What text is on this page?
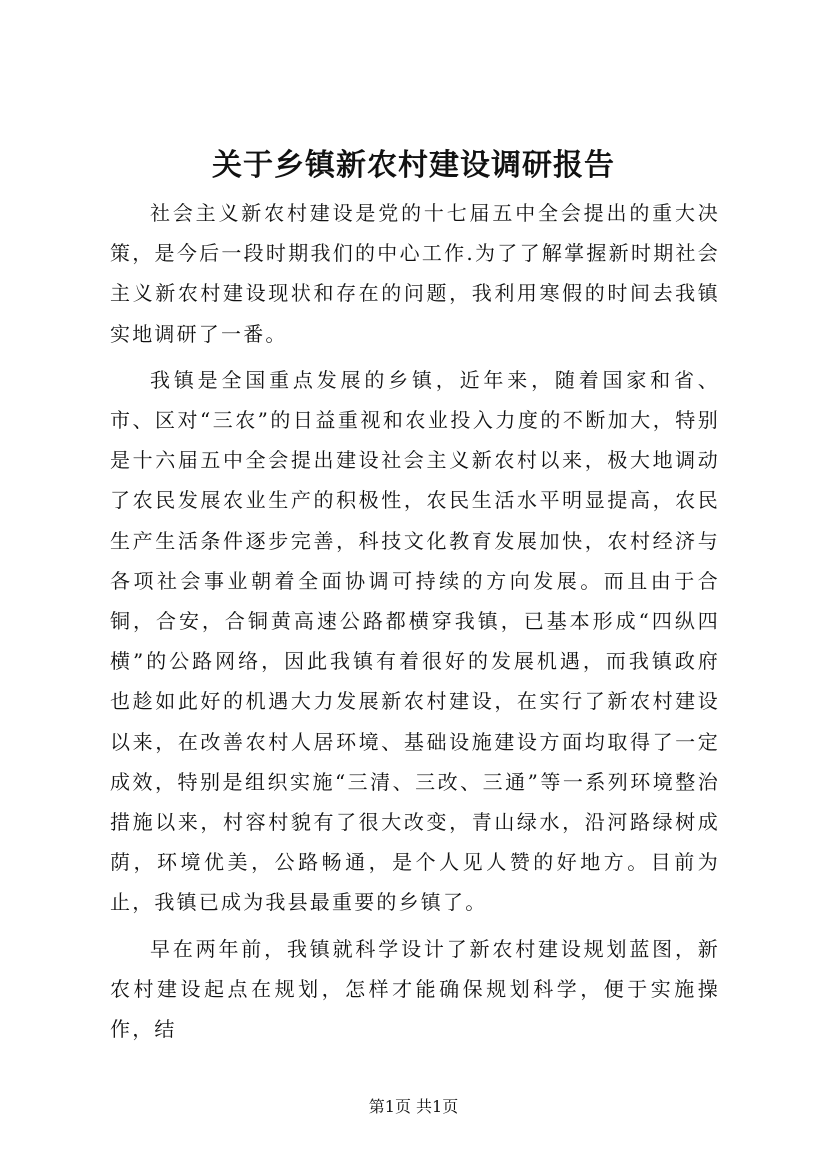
关于乡镇新农村建设调研报告

社会主义新农村建设是党的十七届五中全会提出的重大决策，是今后一段时期我们的中心工作.为了了解掌握新时期社会主义新农村建设现状和存在的问题，我利用寒假的时间去我镇实地调研了一番。

我镇是全国重点发展的乡镇，近年来，随着国家和省、市、区对“三农”的日益重视和农业投入力度的不断加大，特别是十六届五中全会提出建设社会主义新农村以来，极大地调动了农民发展农业生产的积极性，农民生活水平明显提高，农民生产生活条件逐步完善，科技文化教育发展加快，农村经济与各项社会事业朝着全面协调可持续的方向发展。而且由于合铜，合安，合铜黄高速公路都横穿我镇，已基本形成“四纵四横”的公路网络，因此我镇有着很好的发展机遇，而我镇政府也趁如此好的机遇大力发展新农村建设，在实行了新农村建设以来，在改善农村人居环境、基础设施建设方面均取得了一定成效，特别是组织实施“三清、三改、三通”等一系列环境整治措施以来，村容村貌有了很大改变，青山绿水，沿河路绿树成荫，环境优美，公路畅通，是个人见人赞的好地方。目前为止，我镇已成为我县最重要的乡镇了。

早在两年前，我镇就科学设计了新农村建设规划蓝图，新农村建设起点在规划，怎样才能确保规划科学，便于实施操作，结

第1页 共1页
